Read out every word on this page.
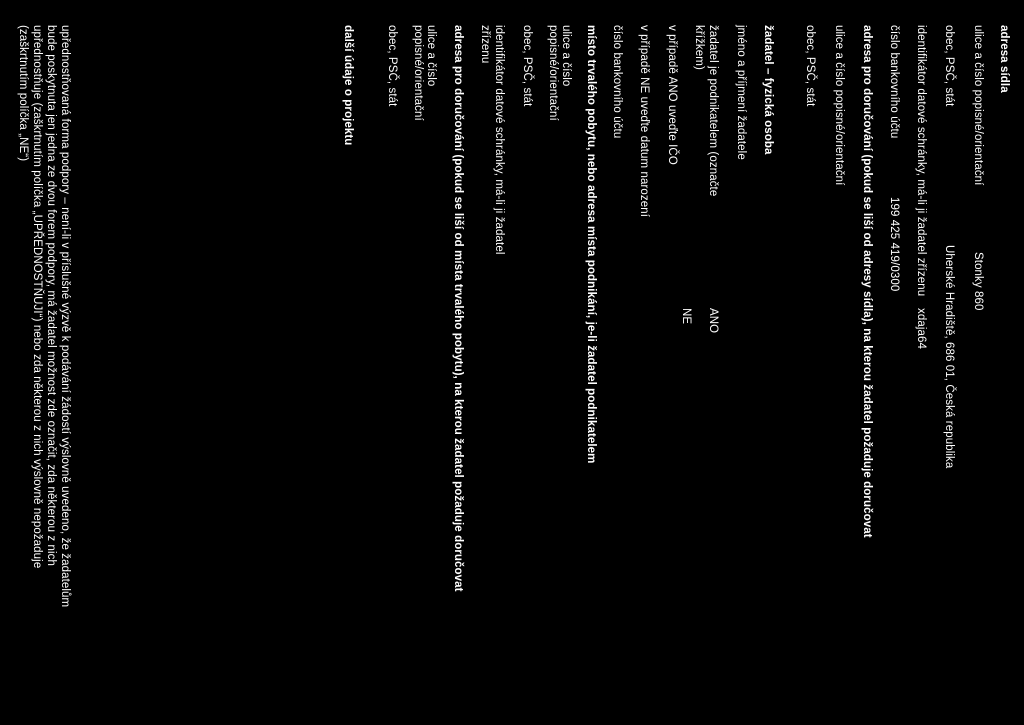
adresa sídla

ulice a číslo popisné/orientační

Stonky 860

obec, PSČ, stát

Uherské Hradiště, 686 01, Česká republika

identifikátor datové schránky, má-li ji žadatel zřízenu

xdaja64

číslo bankovního účtu

199 425 419/0300

adresa pro doručování (pokud se liší od adresy sídla), na kterou žadatel požaduje doručovat

ulice a číslo popisné/orientační

obec, PSČ, stát

žadatel – fyzická osoba

jméno a příjmení žadatele

žadatel je podnikatelem (označte

křížkem)

ANO

v případě ANO uveďte IČO

NE

v případě NE uveďte datum narození

číslo bankovního účtu

místo trvalého pobytu, nebo adresa místa podnikání, je-li žadatel podnikatelem

ulice a číslo

popisné/orientační

obec, PSČ, stát

identifikátor datové schránky, má-li ji žadatel

zřízenu

adresa pro doručování (pokud se liší od místa trvalého pobytu), na kterou žadatel požaduje doručovat

ulice a číslo

popisné/orientační

obec, PSČ, stát

další údaje o projektu

upřednostňovaná forma podpory – není-li v příslušné výzvě k podávání žádostí výslovně uvedeno, že žadatelům

bude poskytnuta jen jedna ze dvou forem podpory, má žadatel možnost zde označit, zda některou z nich

upřednostňuje (zaškrtnutím políčka „UPŘEDNOSTŇUJI“) nebo zda některou z nich výslovně nepožaduje

(zaškrtnutím políčka „NE“)
